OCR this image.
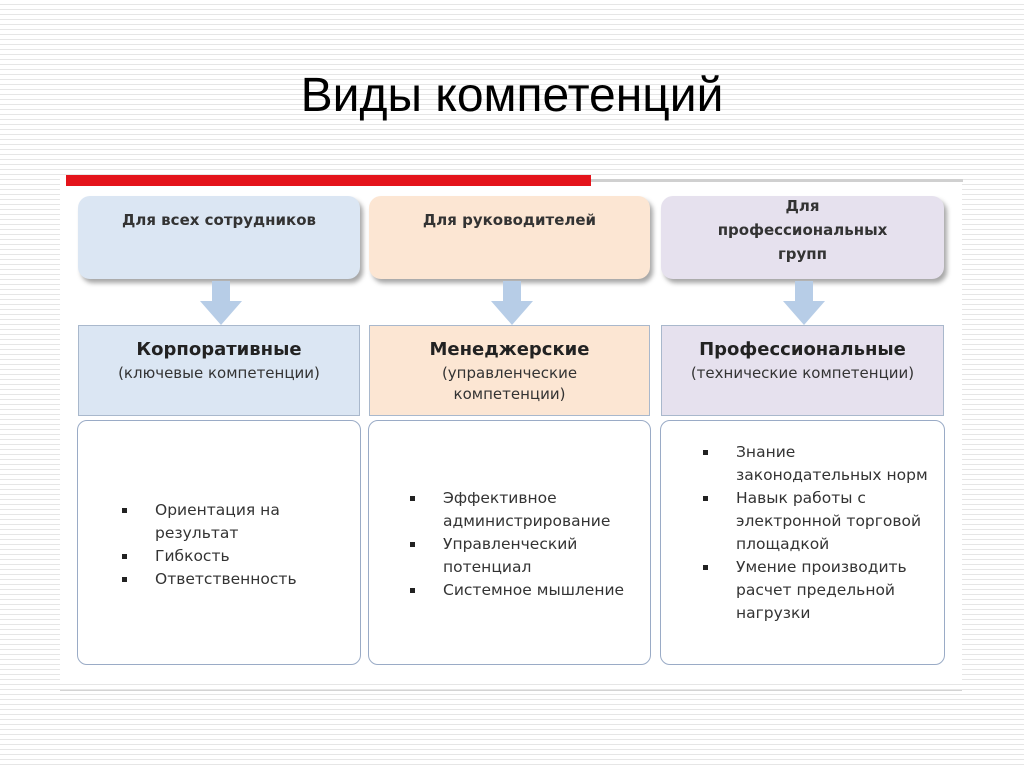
Виды компетенций
Для всех сотрудников
Корпоративные
(ключевые компетенции)
Ориентация на результат
Гибкость
Ответственность
Для руководителей
Менеджерские
(управленческие компетенции)
Эффективное администрирование
Управленческий потенциал
Системное мышление
Для профессиональных групп
Профессиональные
(технические компетенции)
Знание законодательных норм
Навык работы с электронной торговой площадкой
Умение производить расчет предельной нагрузки
